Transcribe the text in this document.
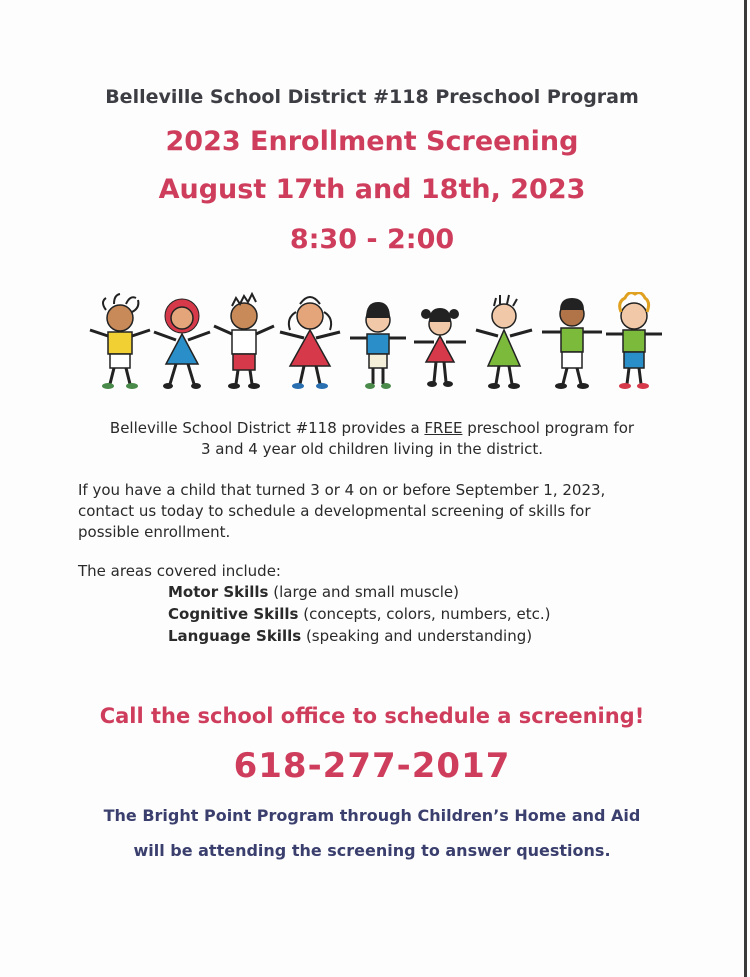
Belleville School District #118 Preschool Program
2023 Enrollment Screening
August 17th and 18th, 2023
8:30 - 2:00
Belleville School District #118 provides a FREE preschool program for
3 and 4 year old children living in the district.
If you have a child that turned 3 or 4 on or before September 1, 2023,
contact us today to schedule a developmental screening of skills for
possible enrollment.
The areas covered include:
Motor Skills (large and small muscle)
Cognitive Skills (concepts, colors, numbers, etc.)
Language Skills (speaking and understanding)
Call the school office to schedule a screening!
618-277-2017
The Bright Point Program through Children’s Home and Aid
will be attending the screening to answer questions.
